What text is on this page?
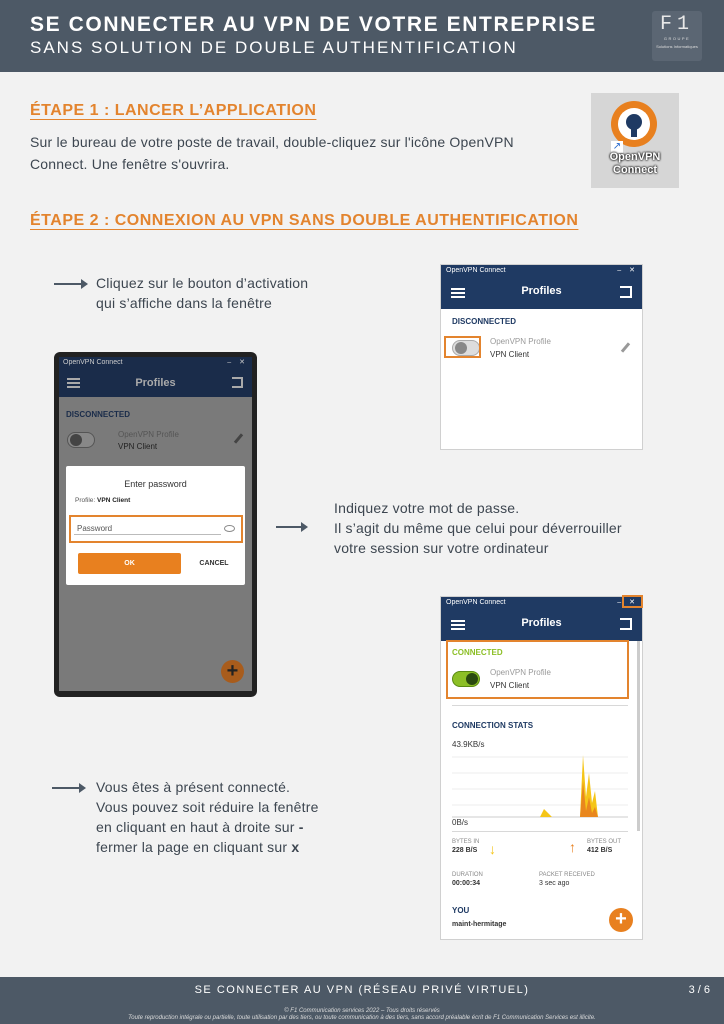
SE CONNECTER AU VPN DE VOTRE ENTREPRISE
SANS SOLUTION DE DOUBLE AUTHENTIFICATION
F1
GROUPE
Solutions Informatiques
ÉTAPE 1 : LANCER L’APPLICATION
Sur le bureau de votre poste de travail, double-cliquez sur l'icône OpenVPN Connect. Une fenêtre s'ouvrira.
↗
OpenVPN Connect
ÉTAPE 2 : CONNEXION AU VPN SANS DOUBLE AUTHENTIFICATION
Cliquez sur le bouton d’activation
qui s’affiche dans la fenêtre
OpenVPN Connect	– ✕
Profiles
DISCONNECTED
OpenVPN Profile
VPN Client
OpenVPN Connect	– ✕
Profiles
DISCONNECTED
OpenVPN Profile
VPN Client
Enter password
Profile: VPN Client
Password
OK	CANCEL
+
Indiquez votre mot de passe.
Il s’agit du même que celui pour déverrouiller
votre session sur votre ordinateur
OpenVPN Connect	– ✕
Profiles
CONNECTED
OpenVPN Profile
VPN Client
CONNECTION STATS
43.9KB/s
0B/s
BYTES IN
228 B/S ↓	↑ BYTES OUT
412 B/S
DURATION
00:00:34
PACKET RECEIVED
3 sec ago
YOU
maint-hermitage	+
Vous êtes à présent connecté.
Vous pouvez soit réduire la fenêtre
en cliquant en haut à droite sur -
fermer la page en cliquant sur x
SE CONNECTER AU VPN (RÉSEAU PRIVÉ VIRTUEL)	3 / 6
© F1 Communication services 2022 – Tous droits réservés
Toute reproduction intégrale ou partielle, toute utilisation par des tiers, ou toute communication à des tiers, sans accord préalable écrit de F1 Communication Services est illicite.
